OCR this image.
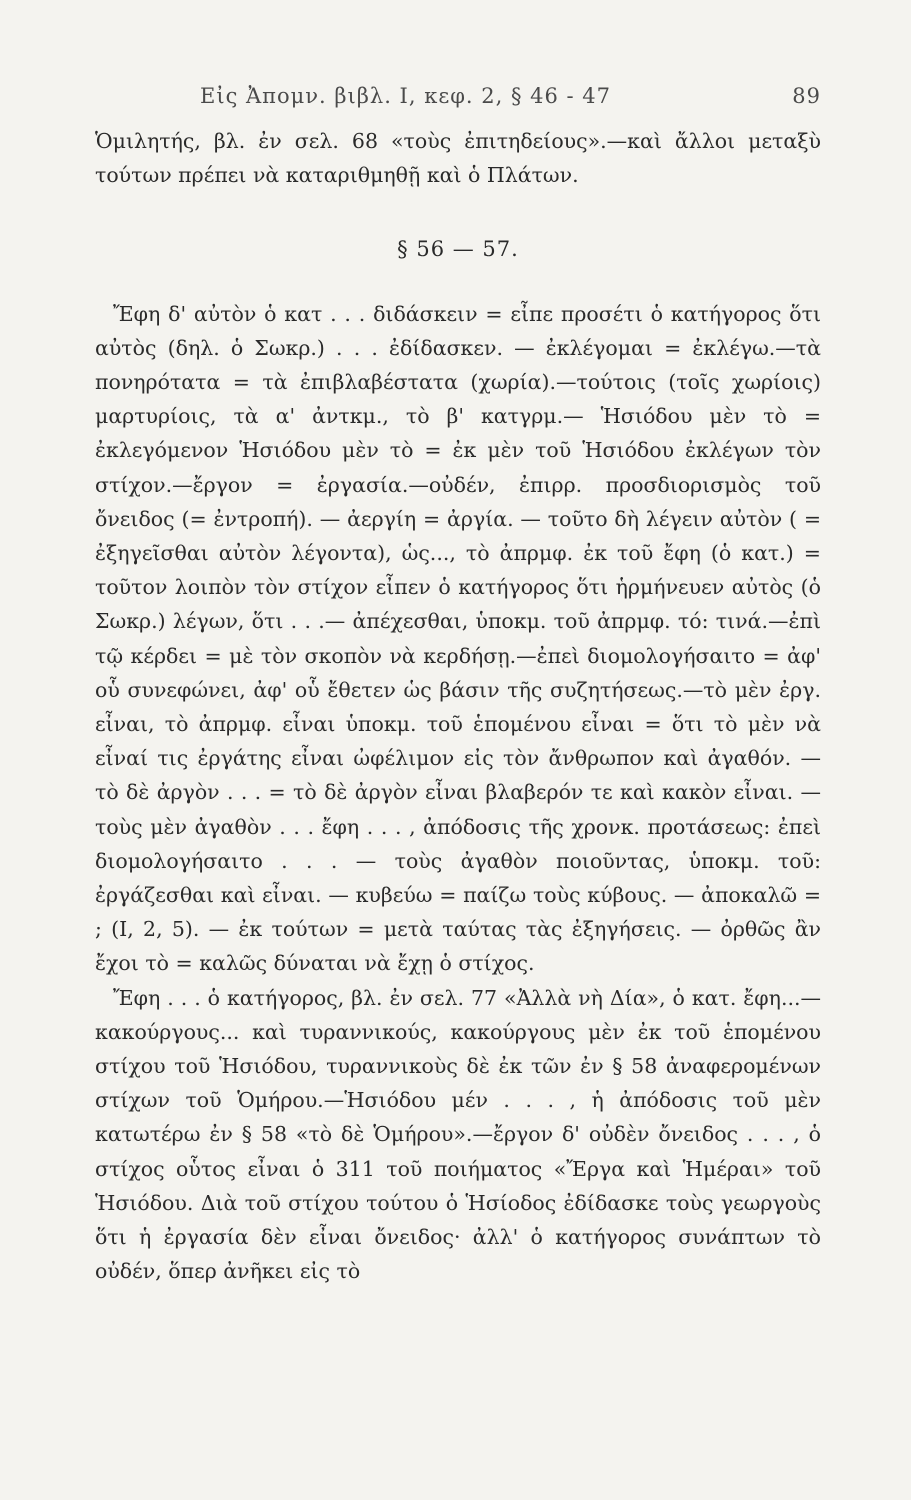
Εἰς Ἀπομν. βιβλ. Ι, κεφ. 2, § 46 - 47	89

Ὁμιλητής, βλ. ἐν σελ. 68 «τοὺς ἐπιτηδείους».—καὶ ἄλλοι μεταξὺ τούτων πρέπει νὰ καταριθμηθῇ καὶ ὁ Πλάτων.

§ 56 — 57.

Ἔφη δ' αὐτὸν ὁ κατ . . . διδάσκειν = εἶπε προσέτι ὁ κατήγορος ὅτι αὐτὸς (δηλ. ὁ Σωκρ.) . . . ἐδίδασκεν. — ἐκλέγομαι = ἐκλέγω.—τὰ πονηρότατα = τὰ ἐπιβλαβέστατα (χωρία).—τούτοις (τοῖς χωρίοις) μαρτυρίοις, τὰ α' ἀντκμ., τὸ β' κατγρμ.— Ἡσιόδου μὲν τὸ = ἐκλεγόμενον Ἡσιόδου μὲν τὸ = ἐκ μὲν τοῦ Ἡσιόδου ἐκλέγων τὸν στίχον.—ἔργον = ἐργασία.—οὐδέν, ἐπιρρ. προσδιορισμὸς τοῦ ὄνειδος (= ἐντροπή). — ἀεργίη = ἀργία. — τοῦτο δὴ λέγειν αὐτὸν ( = ἐξηγεῖσθαι αὐτὸν λέγοντα), ὡς..., τὸ ἀπρμφ. ἐκ τοῦ ἔφη (ὁ κατ.) = τοῦτον λοιπὸν τὸν στίχον εἶπεν ὁ κατήγορος ὅτι ἡρμήνευεν αὐτὸς (ὁ Σωκρ.) λέγων, ὅτι . . .— ἀπέχεσθαι, ὑποκμ. τοῦ ἀπρμφ. τό: τινά.—ἐπὶ τῷ κέρδει = μὲ τὸν σκοπὸν νὰ κερδήσῃ.—ἐπεὶ διομολογήσαιτο = ἀφ' οὗ συνεφώνει, ἀφ' οὗ ἔθετεν ὡς βάσιν τῆς συζητήσεως.—τὸ μὲν ἐργ. εἶναι, τὸ ἀπρμφ. εἶναι ὑποκμ. τοῦ ἑπομένου εἶναι = ὅτι τὸ μὲν νὰ εἶναί τις ἐργάτης εἶναι ὠφέλιμον εἰς τὸν ἄνθρωπον καὶ ἀγαθόν. — τὸ δὲ ἀργὸν . . . = τὸ δὲ ἀργὸν εἶναι βλαβερόν τε καὶ κακὸν εἶναι. — τοὺς μὲν ἀγαθὸν . . . ἔφη . . . , ἀπόδοσις τῆς χρονκ. προτάσεως: ἐπεὶ διομολογήσαιτο . . . — τοὺς ἀγαθὸν ποιοῦντας, ὑποκμ. τοῦ: ἐργάζεσθαι καὶ εἶναι. — κυβεύω = παίζω τοὺς κύβους. — ἀποκαλῶ = ; (Ι, 2, 5). — ἐκ τούτων = μετὰ ταύτας τὰς ἐξηγήσεις. — ὀρθῶς ἂν ἔχοι τὸ = καλῶς δύναται νὰ ἔχῃ ὁ στίχος.

Ἔφη . . . ὁ κατήγορος, βλ. ἐν σελ. 77 «Ἀλλὰ νὴ Δία», ὁ κατ. ἔφη...—κακούργους... καὶ τυραννικούς, κακούργους μὲν ἐκ τοῦ ἑπομένου στίχου τοῦ Ἡσιόδου, τυραννικοὺς δὲ ἐκ τῶν ἐν § 58 ἀναφερομένων στίχων τοῦ Ὁμήρου.—Ἡσιόδου μέν . . . , ἡ ἀπόδοσις τοῦ μὲν κατωτέρω ἐν § 58 «τὸ δὲ Ὁμήρου».—ἔργον δ' οὐδὲν ὄνειδος . . . , ὁ στίχος οὗτος εἶναι ὁ 311 τοῦ ποιήματος «Ἔργα καὶ Ἡμέραι» τοῦ Ἡσιόδου. Διὰ τοῦ στίχου τούτου ὁ Ἡσίοδος ἐδίδασκε τοὺς γεωργοὺς ὅτι ἡ ἐργασία δὲν εἶναι ὄνειδος· ἀλλ' ὁ κατήγορος συνάπτων τὸ οὐδέν, ὅπερ ἀνῆκει εἰς τὸ
